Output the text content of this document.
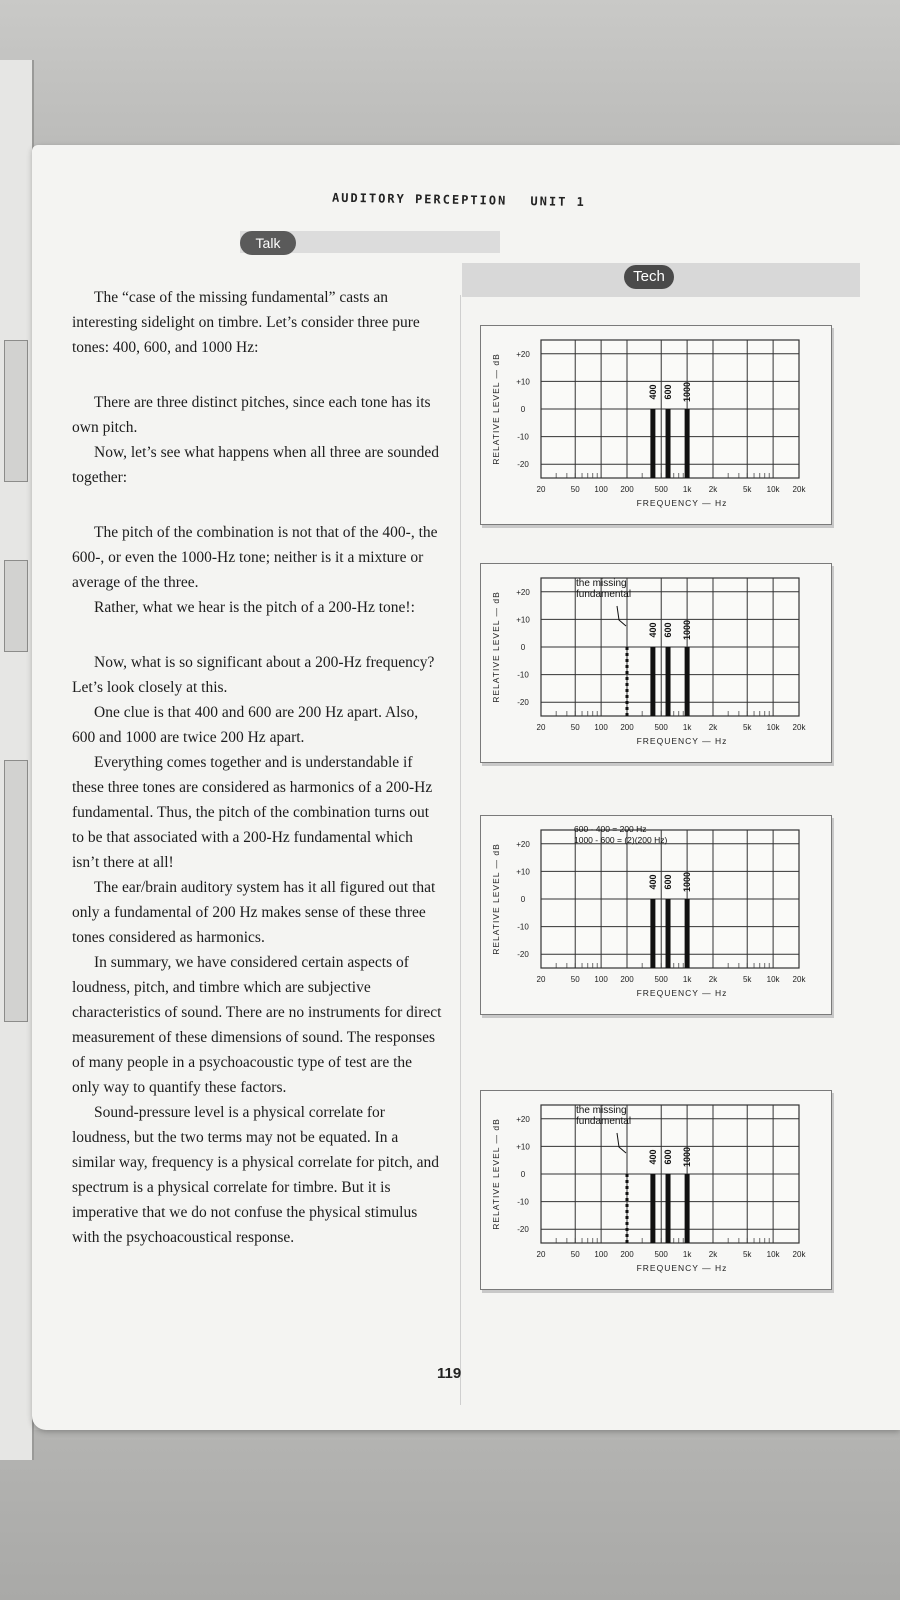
AUDITORY PERCEPTION UNIT 1
Talk
Tech

The “case of the missing fundamental” casts an interesting sidelight on timbre. Let’s consider three pure tones: 400, 600, and 1000 Hz:

There are three distinct pitches, since each tone has its own pitch.

Now, let’s see what happens when all three are sounded together:

The pitch of the combination is not that of the 400-, the 600-, or even the 1000-Hz tone; neither is it a mixture or average of the three.

Rather, what we hear is the pitch of a 200-Hz tone!:

Now, what is so significant about a 200-Hz frequency? Let’s look closely at this.

One clue is that 400 and 600 are 200 Hz apart. Also, 600 and 1000 are twice 200 Hz apart.

Everything comes together and is understandable if these three tones are considered as harmonics of a 200-Hz fundamental. Thus, the pitch of the combination turns out to be that associated with a 200-Hz fundamental which isn’t there at all!

The ear/brain auditory system has it all figured out that only a fundamental of 200 Hz makes sense of these three tones considered as harmonics.

In summary, we have considered certain aspects of loudness, pitch, and timbre which are subjective characteristics of sound. There are no instruments for direct measurement of these dimensions of sound. The responses of many people in a psychoacoustic type of test are the only way to quantify these factors.

Sound-pressure level is a physical correlate for loudness, but the two terms may not be equated. In a similar way, frequency is a physical correlate for pitch, and spectrum is a physical correlate for timbre. But it is imperative that we do not confuse the physical stimulus with the psychoacoustical response.

+20
+10
0
-10
-20
20	50 100 200	500 1k 2k	5k 10k 20k
FREQUENCY — Hz
RELATIVE LEVEL — dB	400 600 1000
+20
+10
0
-10
-20
20	50 100 200	500 1k 2k	5k 10k 20k
FREQUENCY — Hz
RELATIVE LEVEL — dB	400 600 1000
the missing
fundamental
+20
+10
0
-10
-20
20	50 100 200	500 1k 2k	5k 10k 20k
FREQUENCY — Hz
RELATIVE LEVEL — dB	400 600 1000
600 - 400 = 200 Hz
1000 - 600 = (2)(200 Hz)
+20
+10
0
-10
-20
20	50 100 200	500 1k 2k	5k 10k 20k
FREQUENCY — Hz
RELATIVE LEVEL — dB	400 600 1000
the missing
fundamental
119
